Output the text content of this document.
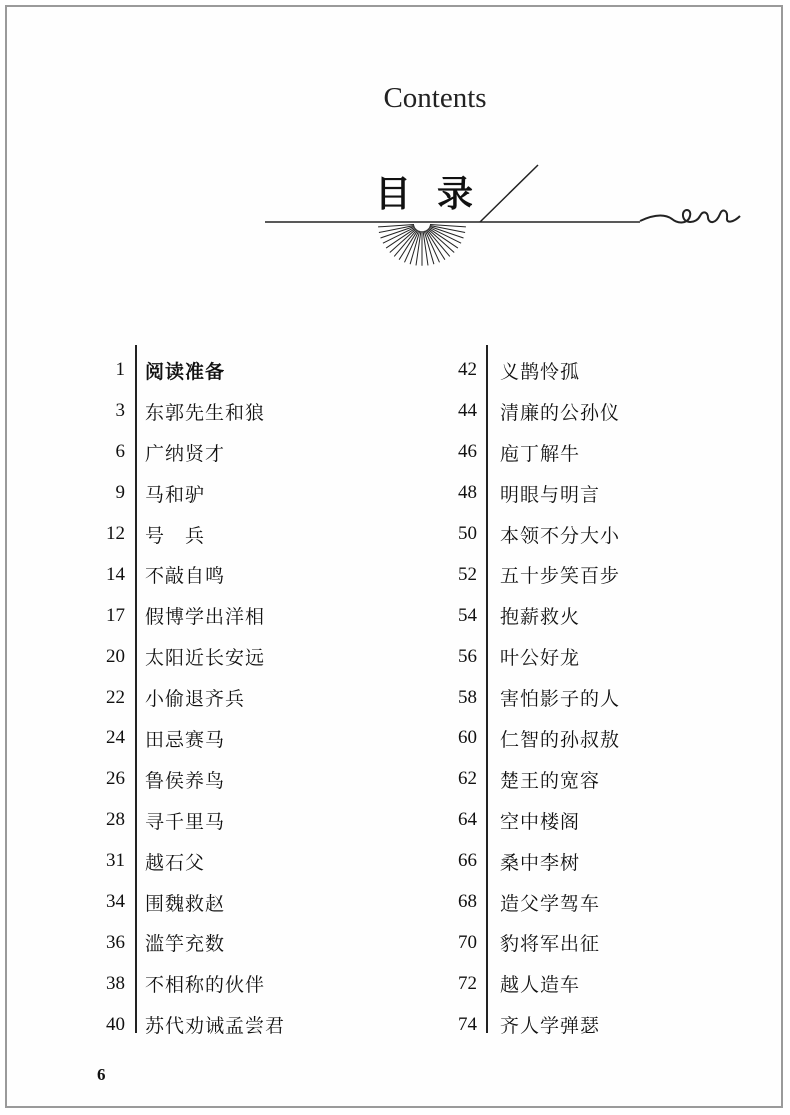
Contents
目录
1 阅读准备
3 东郭先生和狼
6 广纳贤才
9 马和驴
12 号　兵
14 不敲自鸣
17 假博学出洋相
20 太阳近长安远
22 小偷退齐兵
24 田忌赛马
26 鲁侯养鸟
28 寻千里马
31 越石父
34 围魏救赵
36 滥竽充数
38 不相称的伙伴
40 苏代劝诫孟尝君
42 义鹊怜孤
44 清廉的公孙仪
46 庖丁解牛
48 明眼与明言
50 本领不分大小
52 五十步笑百步
54 抱薪救火
56 叶公好龙
58 害怕影子的人
60 仁智的孙叔敖
62 楚王的宽容
64 空中楼阁
66 桑中李树
68 造父学驾车
70 豹将军出征
72 越人造车
74 齐人学弹瑟
6
